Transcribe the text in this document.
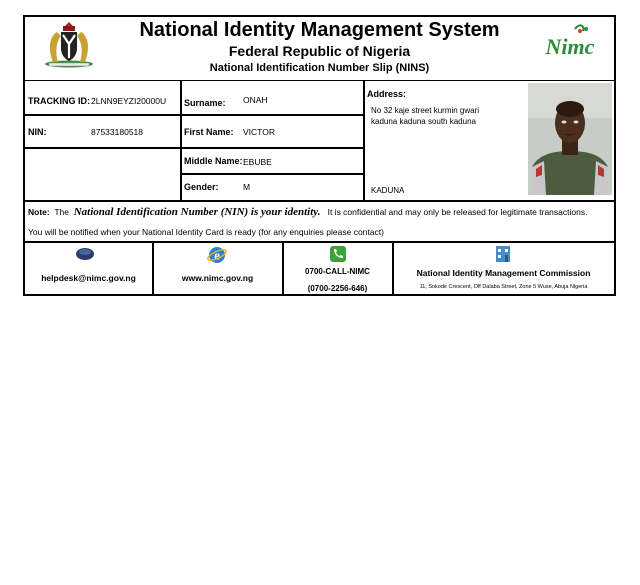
National Identity Management System
Federal Republic of Nigeria
National Identification Number Slip (NINS)
Nimc
TRACKING ID: 2LNN9EYZI20000U
NIN:	87533180518
Surname: ONAH
First Name: VICTOR
Middle Name: EBUBE
Gender:	M
Address:
No 32 kaje street kurmin gwari
kaduna kaduna south kaduna
KADUNA
Note: The National Identification Number (NIN) is your identity. It is confidential and may only be released for legitimate transactions.
You will be notified when your National Identity Card is ready (for any enquiries please contact)
helpdesk@nimc.gov.ng
e
www.nimc.gov.ng
0700-CALL-NIMC
(0700-2256-646)
National Identity Management Commission
11, Sokode Crescent, Off Dalaba Street, Zone 5 Wuse, Abuja Nigeria
